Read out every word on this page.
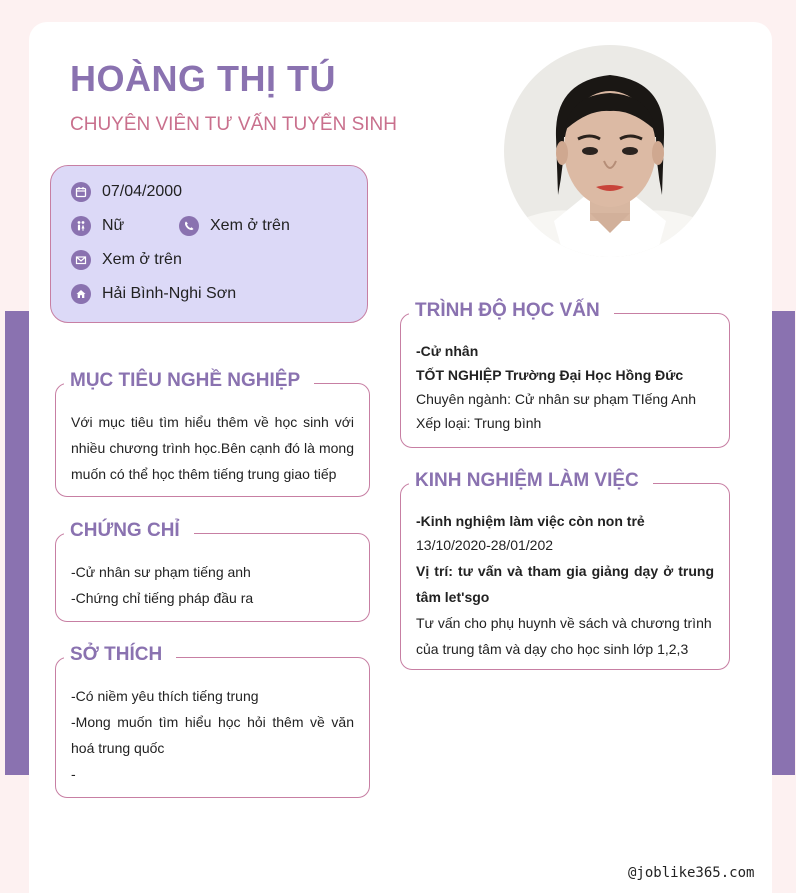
HOÀNG THỊ TÚ
CHUYÊN VIÊN TƯ VẤN TUYỂN SINH
07/04/2000
Nữ	Xem ở trên
Xem ở trên
Hải Bình-Nghi Sơn
MỤC TIÊU NGHỀ NGHIỆP
Với mục tiêu tìm hiểu thêm về học sinh với nhiều chương trình học.Bên cạnh đó là mong muốn có thể học thêm tiếng trung giao tiếp
CHỨNG CHỈ
-Cử nhân sư phạm tiếng anh
-Chứng chỉ tiếng pháp đầu ra
SỞ THÍCH
-Có niềm yêu thích tiếng trung
-Mong muốn tìm hiểu học hỏi thêm về văn hoá trung quốc
-
TRÌNH ĐỘ HỌC VẤN
-Cử nhân
TỐT NGHIỆP Trường Đại Học Hồng Đức
Chuyên ngành: Cử nhân sư phạm TIếng Anh
Xếp loại: Trung bình
KINH NGHIỆM LÀM VIỆC
-Kinh nghiệm làm việc còn non trẻ
13/10/2020-28/01/202
Vị trí: tư vấn và tham gia giảng dạy ở trung tâm let'sgo
Tư vấn cho phụ huynh về sách và chương trình của trung tâm và dạy cho học sinh lớp 1,2,3
@joblike365.com
